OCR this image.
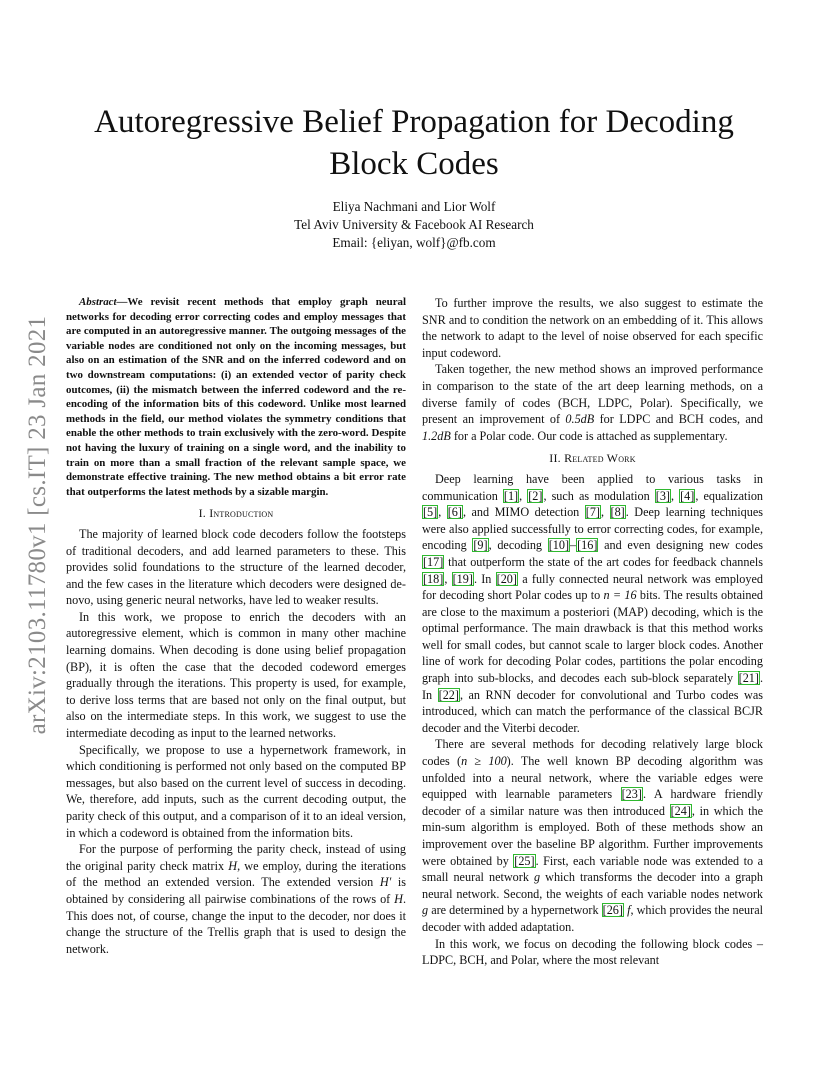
arXiv:2103.11780v1 [cs.IT] 23 Jan 2021
Autoregressive Belief Propagation for Decoding Block Codes
Eliya Nachmani and Lior Wolf
Tel Aviv University & Facebook AI Research
Email: {eliyan, wolf}@fb.com

Abstract—We revisit recent methods that employ graph neural networks for decoding error correcting codes and employ messages that are computed in an autoregressive manner. The outgoing messages of the variable nodes are conditioned not only on the incoming messages, but also on an estimation of the SNR and on the inferred codeword and on two downstream computations: (i) an extended vector of parity check outcomes, (ii) the mismatch between the inferred codeword and the re-encoding of the information bits of this codeword. Unlike most learned methods in the field, our method violates the symmetry conditions that enable the other methods to train exclusively with the zero-word. Despite not having the luxury of training on a single word, and the inability to train on more than a small fraction of the relevant sample space, we demonstrate effective training. The new method obtains a bit error rate that outperforms the latest methods by a sizable margin.

I. Introduction

The majority of learned block code decoders follow the footsteps of traditional decoders, and add learned parameters to these. This provides solid foundations to the structure of the learned decoder, and the few cases in the literature which decoders were designed de-novo, using generic neural networks, have led to weaker results.

In this work, we propose to enrich the decoders with an autoregressive element, which is common in many other machine learning domains. When decoding is done using belief propagation (BP), it is often the case that the decoded codeword emerges gradually through the iterations. This property is used, for example, to derive loss terms that are based not only on the final output, but also on the intermediate steps. In this work, we suggest to use the intermediate decoding as input to the learned networks.

Specifically, we propose to use a hypernetwork framework, in which conditioning is performed not only based on the computed BP messages, but also based on the current level of success in decoding. We, therefore, add inputs, such as the current decoding output, the parity check of this output, and a comparison of it to an ideal version, in which a codeword is obtained from the information bits.

For the purpose of performing the parity check, instead of using the original parity check matrix H, we employ, during the iterations of the method an extended version. The extended version H′ is obtained by considering all pairwise combinations of the rows of H. This does not, of course, change the input to the decoder, nor does it change the structure of the Trellis graph that is used to design the network.

To further improve the results, we also suggest to estimate the SNR and to condition the network on an embedding of it. This allows the network to adapt to the level of noise observed for each specific input codeword.

Taken together, the new method shows an improved performance in comparison to the state of the art deep learning methods, on a diverse family of codes (BCH, LDPC, Polar). Specifically, we present an improvement of 0.5dB for LDPC and BCH codes, and 1.2dB for a Polar code. Our code is attached as supplementary.

II. Related Work

Deep learning have been applied to various tasks in communication [1], [2], such as modulation [3], [4], equalization [5], [6], and MIMO detection [7], [8]. Deep learning techniques were also applied successfully to error correcting codes, for example, encoding [9], decoding [10]–[16] and even designing new codes [17] that outperform the state of the art codes for feedback channels [18], [19]. In [20] a fully connected neural network was employed for decoding short Polar codes up to n = 16 bits. The results obtained are close to the maximum a posteriori (MAP) decoding, which is the optimal performance. The main drawback is that this method works well for small codes, but cannot scale to larger block codes. Another line of work for decoding Polar codes, partitions the polar encoding graph into sub-blocks, and decodes each sub-block separately [21]. In [22], an RNN decoder for convolutional and Turbo codes was introduced, which can match the performance of the classical BCJR decoder and the Viterbi decoder.

There are several methods for decoding relatively large block codes (n ≥ 100). The well known BP decoding algorithm was unfolded into a neural network, where the variable edges were equipped with learnable parameters [23]. A hardware friendly decoder of a similar nature was then introduced [24], in which the min-sum algorithm is employed. Both of these methods show an improvement over the baseline BP algorithm. Further improvements were obtained by [25]. First, each variable node was extended to a small neural network g which transforms the decoder into a graph neural network. Second, the weights of each variable nodes network g are determined by a hypernetwork [26] f, which provides the neural decoder with added adaptation.

In this work, we focus on decoding the following block codes – LDPC, BCH, and Polar, where the most relevant
